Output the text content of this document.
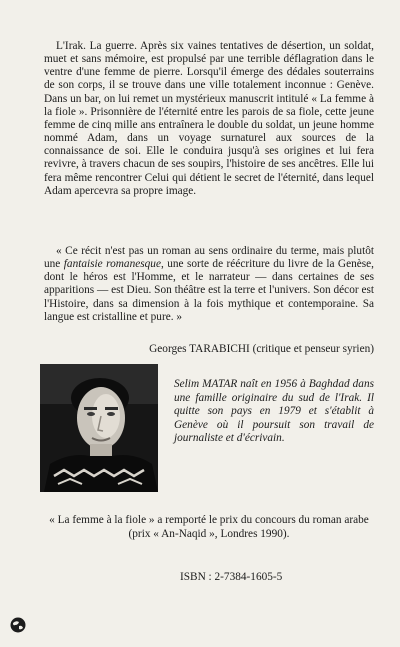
L'Irak. La guerre. Après six vaines tentatives de désertion, un soldat, muet et sans mémoire, est propulsé par une terrible déflagration dans le ventre d'une femme de pierre. Lorsqu'il émerge des dédales souterrains de son corps, il se trouve dans une ville totalement inconnue : Genève. Dans un bar, on lui remet un mystérieux manuscrit intitulé « La femme à la fiole ». Prisonnière de l'éternité entre les parois de sa fiole, cette jeune femme de cinq mille ans entraînera le double du soldat, un jeune homme nommé Adam, dans un voyage surnaturel aux sources de la connaissance de soi. Elle le conduira jusqu'à ses origines et lui fera revivre, à travers chacun de ses soupirs, l'histoire de ses ancêtres. Elle lui fera même rencontrer Celui qui détient le secret de l'éternité, dans lequel Adam apercevra sa propre image.

« Ce récit n'est pas un roman au sens ordinaire du terme, mais plutôt une fantaisie romanesque, une sorte de réécriture du livre de la Genèse, dont le héros est l'Homme, et le narrateur — dans certaines de ses apparitions — est Dieu. Son théâtre est la terre et l'univers. Son décor est l'Histoire, dans sa dimension à la fois mythique et contemporaine. Sa langue est cristalline et pure. »

Georges TARABICHI (critique et penseur syrien)

Selim MATAR naît en 1956 à Baghdad dans une famille originaire du sud de l'Irak. Il quitte son pays en 1979 et s'établit à Genève où il poursuit son travail de journaliste et d'écrivain.

« La femme à la fiole » a remporté le prix du concours du roman arabe (prix « An-Naqid », Londres 1990).

ISBN : 2-7384-1605-5
